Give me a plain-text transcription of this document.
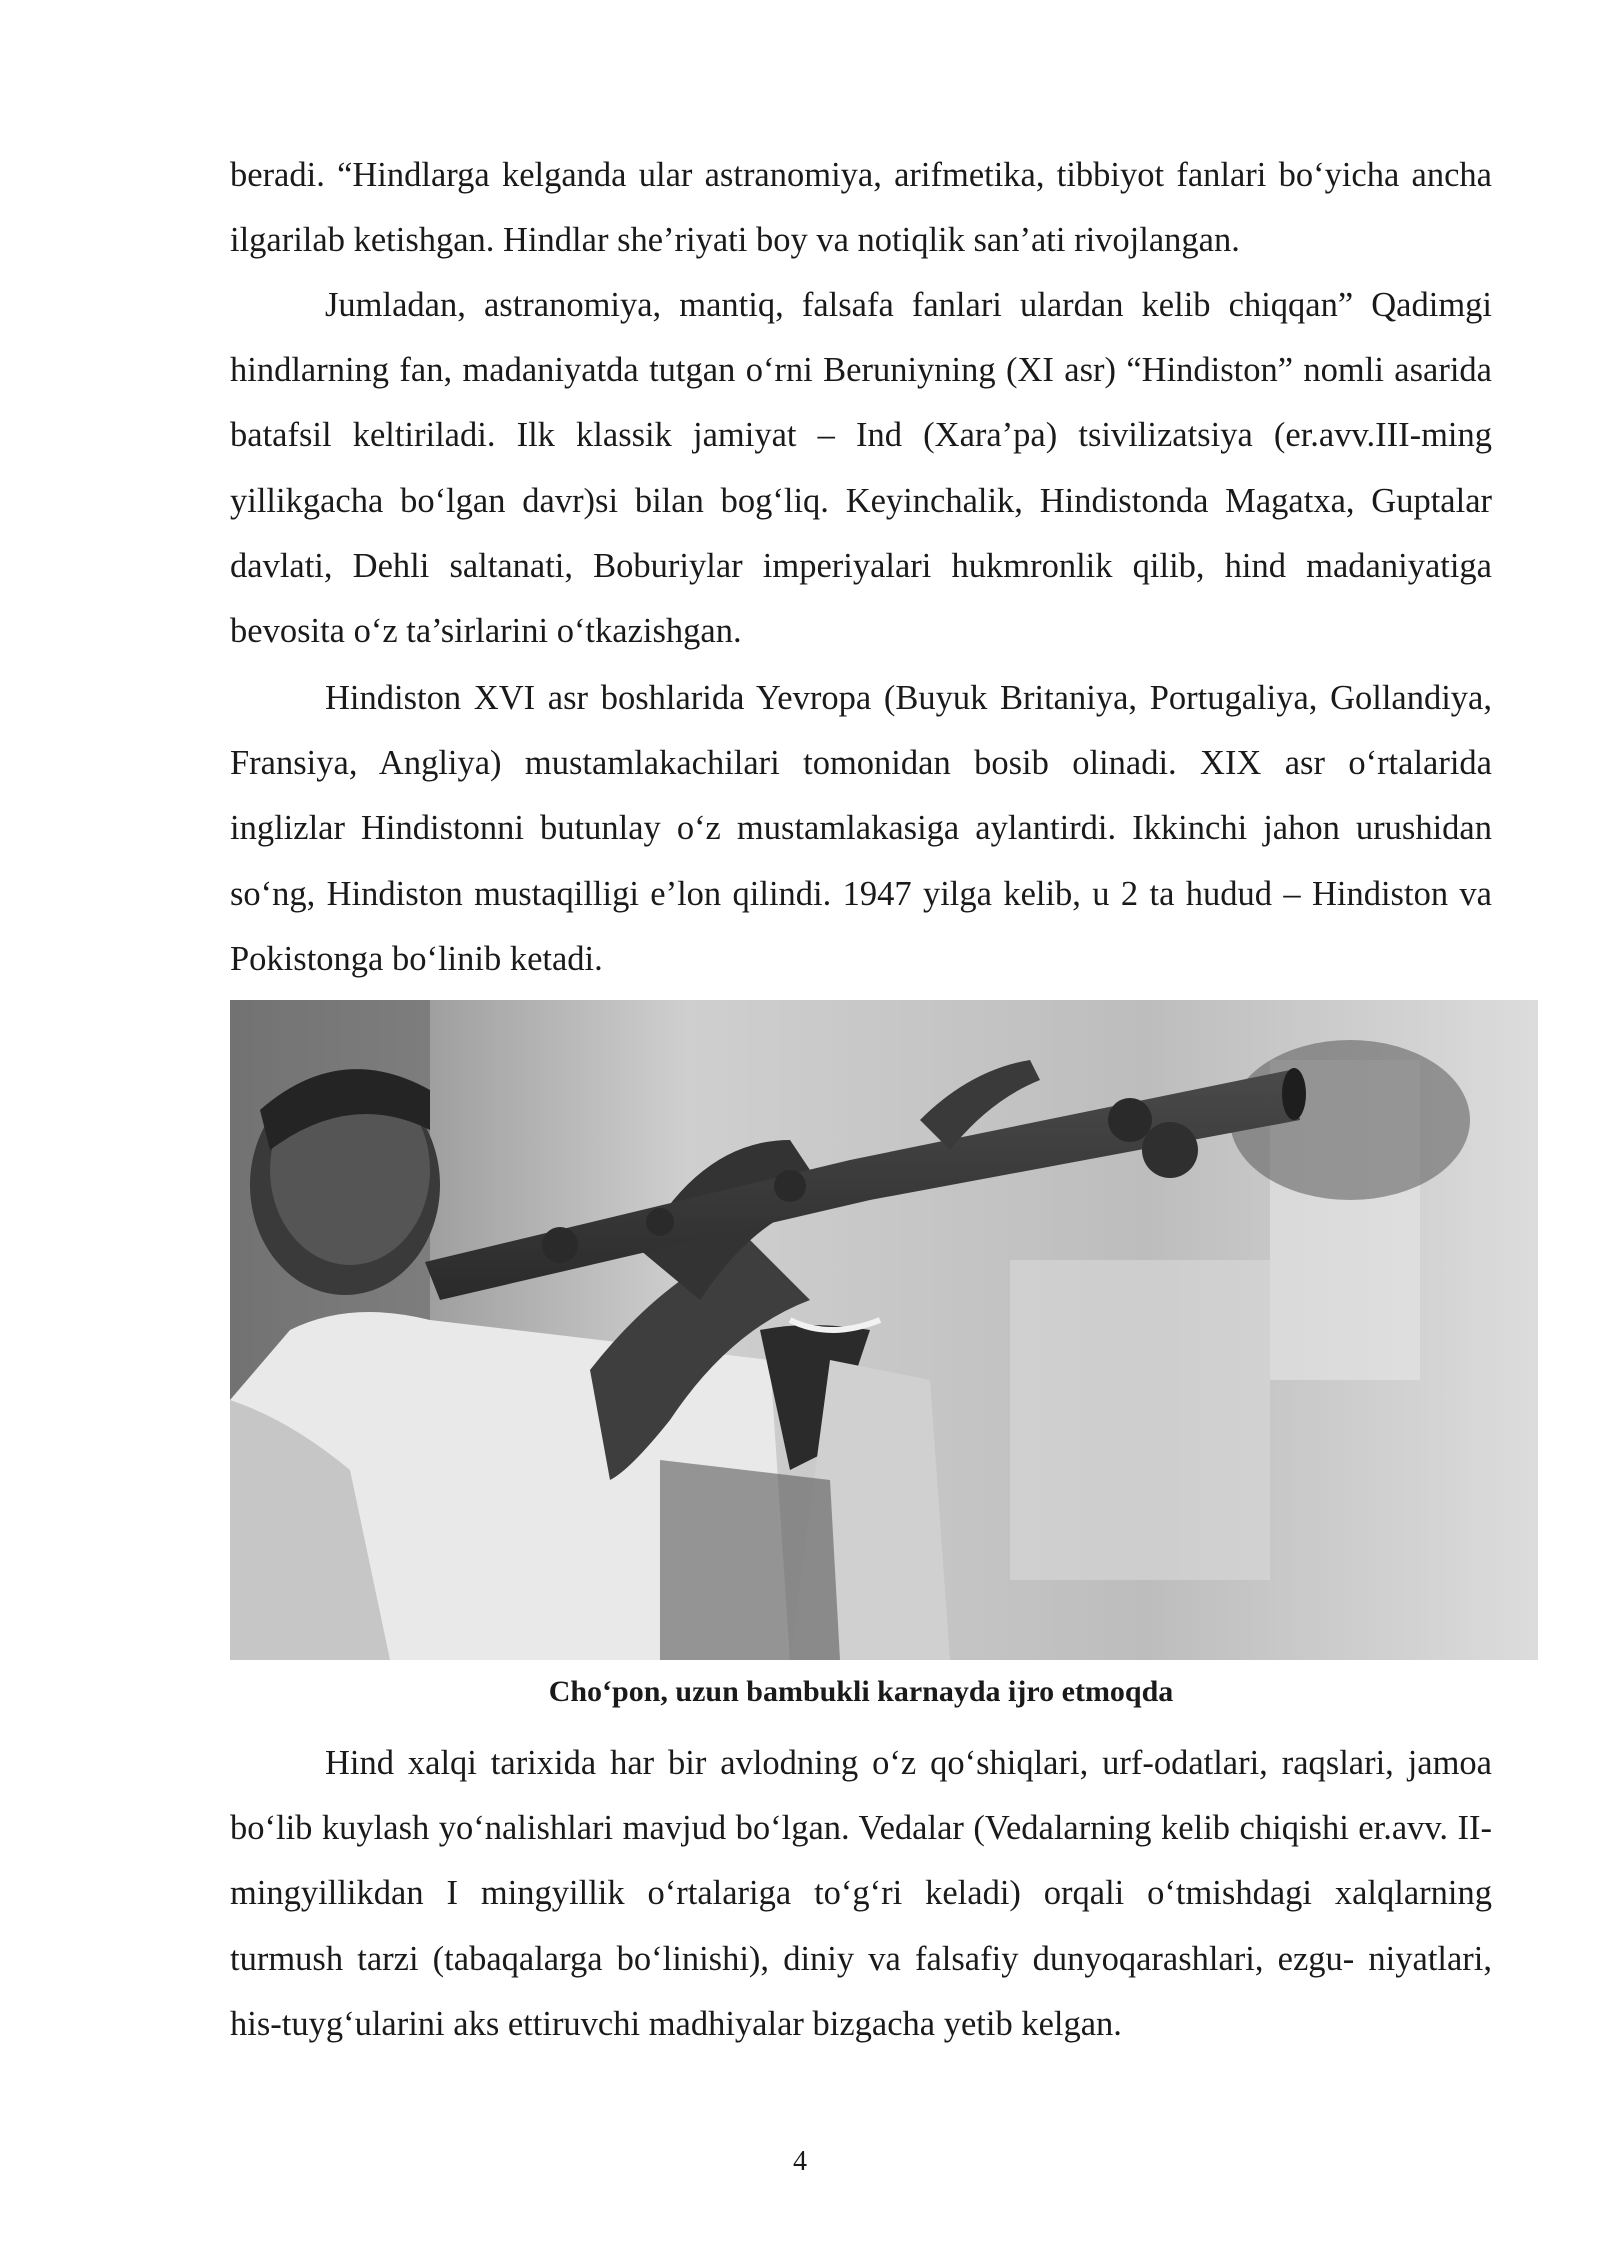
beradi. “Hindlarga kelganda ular astranomiya, arifmetika, tibbiyot fanlari bo‘yicha ancha ilgarilab ketishgan. Hindlar she’riyati boy va notiqlik san’ati rivojlangan.

Jumladan, astranomiya, mantiq, falsafa fanlari ulardan kelib chiqqan” Qadimgi hindlarning fan, madaniyatda tutgan o‘rni Beruniyning (XI asr) “Hindiston” nomli asarida batafsil keltiriladi. Ilk klassik jamiyat – Ind (Xara’pa) tsivilizatsiya (er.avv.III-ming yillikgacha bo‘lgan davr)si bilan bog‘liq. Keyinchalik, Hindistonda Magatxa, Guptalar davlati, Dehli saltanati, Boburiylar imperiyalari hukmronlik qilib, hind madaniyatiga bevosita o‘z ta’sirlarini o‘tkazishgan.

Hindiston XVI asr boshlarida Yevropa (Buyuk Britaniya, Portugaliya, Gollandiya, Fransiya, Angliya) mustamlakachilari tomonidan bosib olinadi. XIX asr o‘rtalarida inglizlar Hindistonni butunlay o‘z mustamlakasiga aylantirdi. Ikkinchi jahon urushidan so‘ng, Hindiston mustaqilligi e’lon qilindi. 1947 yilga kelib, u 2 ta hudud – Hindiston va Pokistonga bo‘linib ketadi.

Cho‘pon, uzun bambukli karnayda ijro etmoqda

Hind xalqi tarixida har bir avlodning o‘z qo‘shiqlari, urf-odatlari, raqslari, jamoa bo‘lib kuylash yo‘nalishlari mavjud bo‘lgan. Vedalar (Vedalarning kelib chiqishi er.avv. II-mingyillikdan I mingyillik o‘rtalariga to‘g‘ri keladi) orqali o‘tmishdagi xalqlarning turmush tarzi (tabaqalarga bo‘linishi), diniy va falsafiy dunyoqarashlari, ezgu- niyatlari, his-tuyg‘ularini aks ettiruvchi madhiyalar bizgacha yetib kelgan.

4
